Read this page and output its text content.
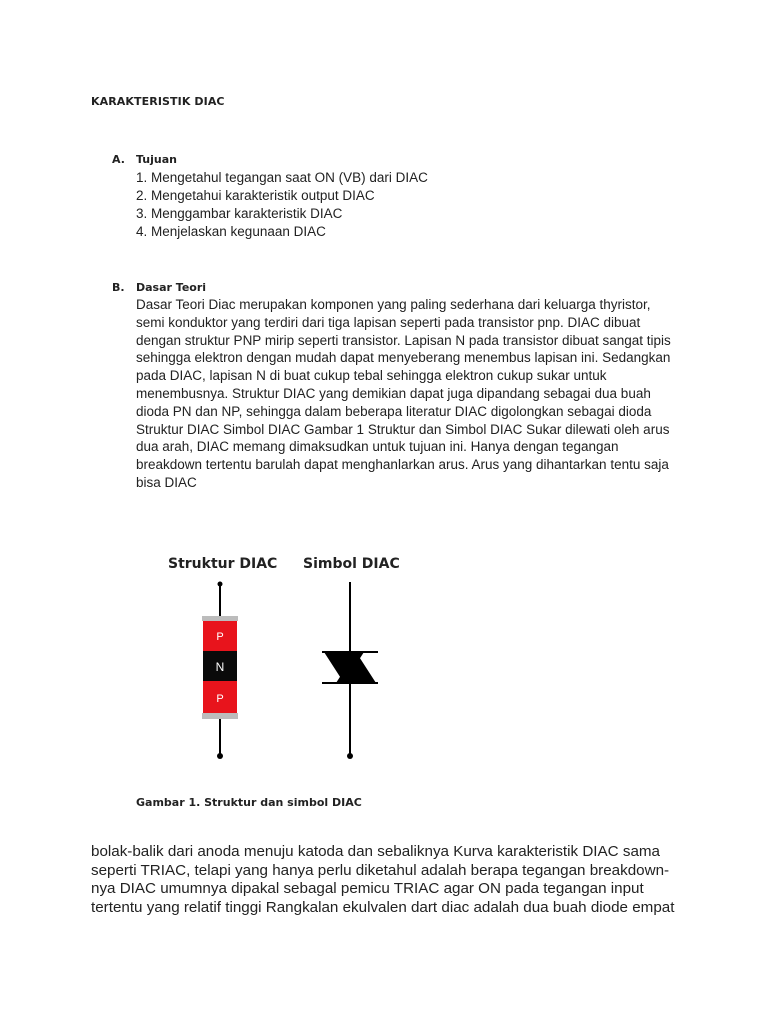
KARAKTERISTIK DIAC
A. Tujuan
1. Mengetahul tegangan saat ON (VB) dari DIAC
2. Mengetahui karakteristik output DIAC
3. Menggambar karakteristik DIAC
4. Menjelaskan kegunaan DIAC
B. Dasar Teori

Dasar Teori Diac merupakan komponen yang paling sederhana dari keluarga thyristor, semi konduktor yang terdiri dari tiga lapisan seperti pada transistor pnp. DIAC dibuat dengan struktur PNP mirip seperti transistor. Lapisan N pada transistor dibuat sangat tipis sehingga elektron dengan mudah dapat menyeberang menembus lapisan ini. Sedangkan pada DIAC, lapisan N di buat cukup tebal sehingga elektron cukup sukar untuk menembusnya. Struktur DIAC yang demikian dapat juga dipandang sebagai dua buah dioda PN dan NP, sehingga dalam beberapa literatur DIAC digolongkan sebagai dioda Struktur DIAC Simbol DIAC Gambar 1 Struktur dan Simbol DIAC Sukar dilewati oleh arus dua arah, DIAC memang dimaksudkan untuk tujuan ini. Hanya dengan tegangan breakdown tertentu barulah dapat menghanlarkan arus. Arus yang dihantarkan tentu saja bisa DIAC

Struktur DIAC Simbol DIAC
P
N
P
Gambar 1. Struktur dan simbol DIAC

bolak-balik dari anoda menuju katoda dan sebaliknya Kurva karakteristik DIAC sama seperti TRIAC, telapi yang hanya perlu diketahul adalah berapa tegangan breakdown-nya DIAC umumnya dipakal sebagal pemicu TRIAC agar ON pada tegangan input tertentu yang relatif tinggi Rangkalan ekulvalen dart diac adalah dua buah diode empat
